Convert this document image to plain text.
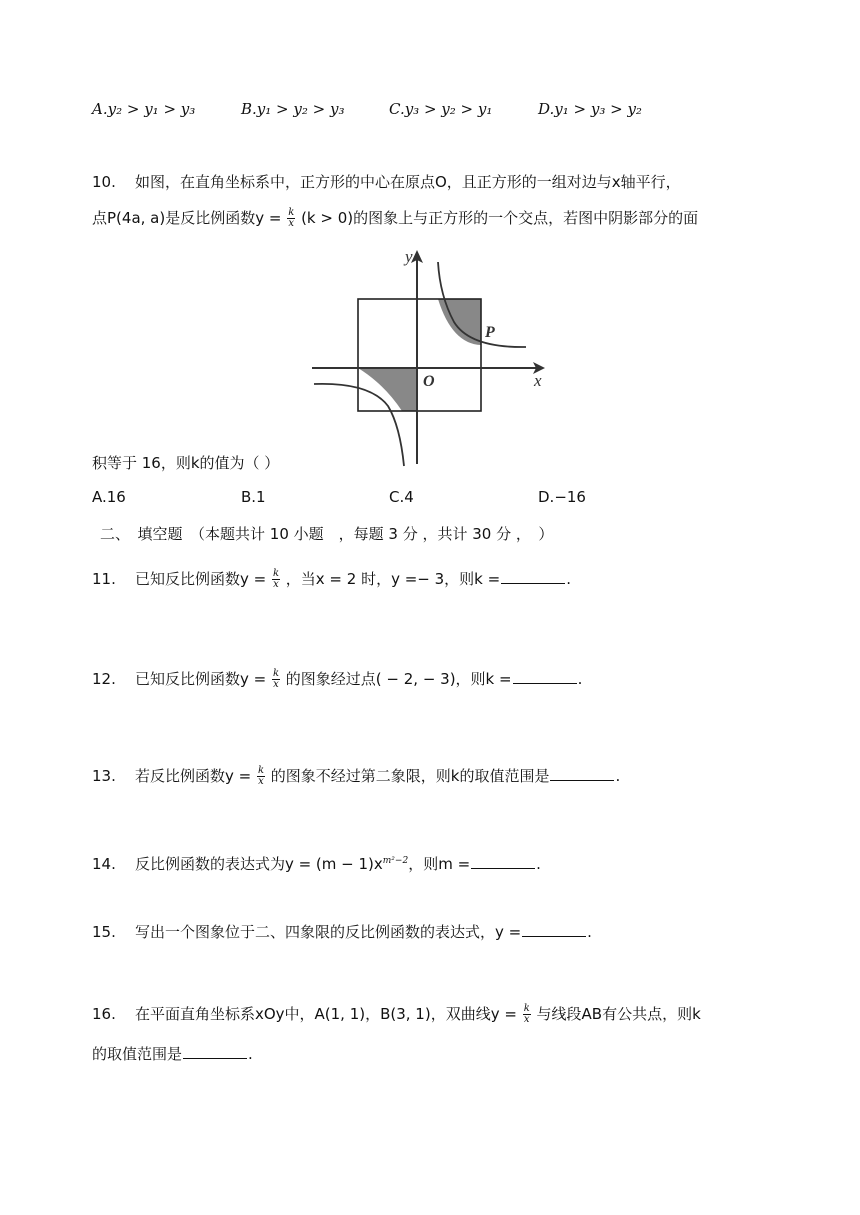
A.y₂ > y₁ > y₃	B.y₁ > y₂ > y₃	C.y₃ > y₂ > y₁	D.y₁ > y₃ > y₂
10. 如图，在直角坐标系中，正方形的中心在原点O，且正方形的一组对边与x轴平行，
点P(4a, a)是反比例函数$y = \frac{k}{x} (k > 0)$的图象上与正方形的一个交点，若图中阴影部分的面
y
x
O
P
积等于 16，则k的值为（ ）
A.16	B.1	C.4	D.−16
二、　填空题　（本题共计 10 小题　，每题 3 分 ，共计 30 分 ，　）
11. 已知反比例函数$y = \frac{k}{x}$ ，当x = 2 时，y =− 3，则k =	.
12. 已知反比例函数$y = \frac{k}{x}$ 的图象经过点( − 2, − 3)，则k =	.
13. 若反比例函数$y = \frac{k}{x}$ 的图象不经过第二象限，则k的取值范围是	.
14. 反比例函数的表达式为$y = (m - 1)x^{m^2-2}$，则m =	.
15. 写出一个图象位于二、四象限的反比例函数的表达式，y =	.
16. 在平面直角坐标系xOy中，A(1, 1)，B(3, 1)，双曲线$y = \frac{k}{x}$ 与线段AB有公共点，则k
的取值范围是	.
